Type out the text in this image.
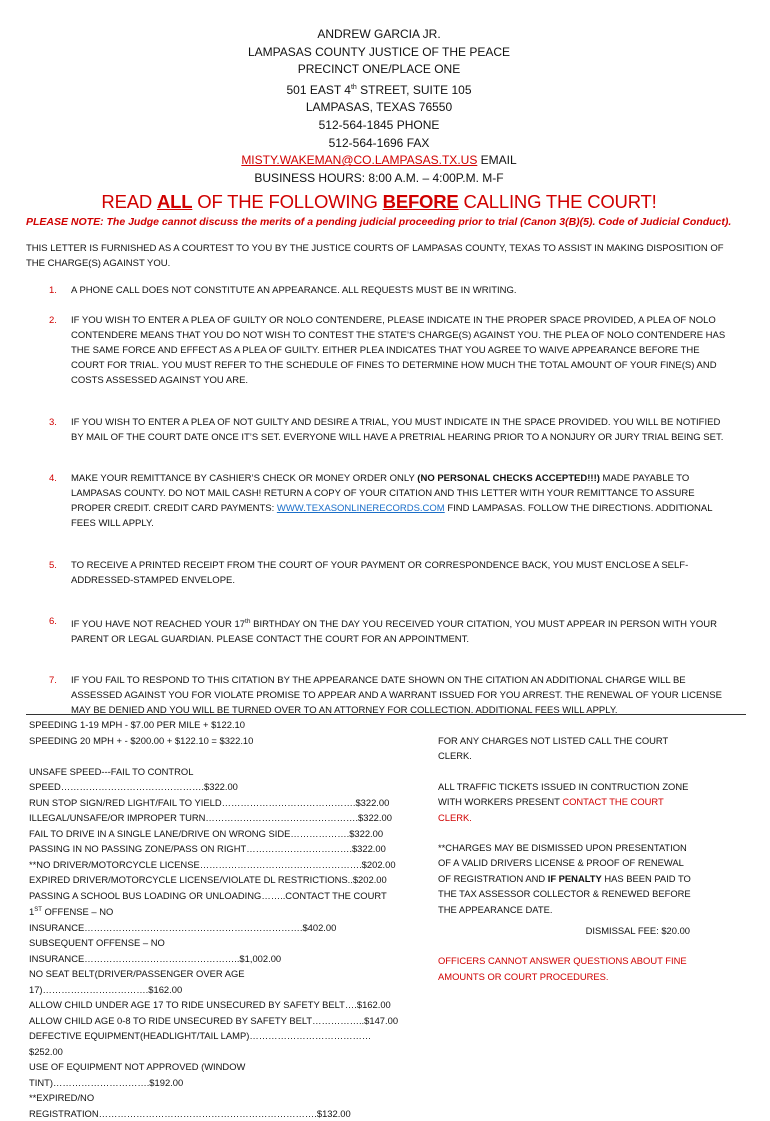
ANDREW GARCIA JR.
LAMPASAS COUNTY JUSTICE OF THE PEACE
PRECINCT ONE/PLACE ONE
501 EAST 4th STREET, SUITE 105
LAMPASAS, TEXAS 76550
512-564-1845 PHONE
512-564-1696 FAX
MISTY.WAKEMAN@CO.LAMPASAS.TX.US EMAIL
BUSINESS HOURS: 8:00 A.M. – 4:00P.M. M-F
READ ALL OF THE FOLLOWING BEFORE CALLING THE COURT!
PLEASE NOTE: The Judge cannot discuss the merits of a pending judicial proceeding prior to trial (Canon 3(B)(5). Code of Judicial Conduct).
THIS LETTER IS FURNISHED AS A COURTEST TO YOU BY THE JUSTICE COURTS OF LAMPASAS COUNTY, TEXAS TO ASSIST IN MAKING DISPOSITION OF THE CHARGE(S) AGAINST YOU.
1. A PHONE CALL DOES NOT CONSTITUTE AN APPEARANCE. ALL REQUESTS MUST BE IN WRITING.
2. IF YOU WISH TO ENTER A PLEA OF GUILTY OR NOLO CONTENDERE, PLEASE INDICATE IN THE PROPER SPACE PROVIDED, A PLEA OF NOLO CONTENDERE MEANS THAT YOU DO NOT WISH TO CONTEST THE STATE’S CHARGE(S) AGAINST YOU. THE PLEA OF NOLO CONTENDERE HAS THE SAME FORCE AND EFFECT AS A PLEA OF GUILTY. EITHER PLEA INDICATES THAT YOU AGREE TO WAIVE APPEARANCE BEFORE THE COURT FOR TRIAL. YOU MUST REFER TO THE SCHEDULE OF FINES TO DETERMINE HOW MUCH THE TOTAL AMOUNT OF YOUR FINE(S) AND COSTS ASSESSED AGAINST YOU ARE.
3. IF YOU WISH TO ENTER A PLEA OF NOT GUILTY AND DESIRE A TRIAL, YOU MUST INDICATE IN THE SPACE PROVIDED. YOU WILL BE NOTIFIED BY MAIL OF THE COURT DATE ONCE IT’S SET. EVERYONE WILL HAVE A PRETRIAL HEARING PRIOR TO A NONJURY OR JURY TRIAL BEING SET.
4. MAKE YOUR REMITTANCE BY CASHIER’S CHECK OR MONEY ORDER ONLY (NO PERSONAL CHECKS ACCEPTED!!!) MADE PAYABLE TO LAMPASAS COUNTY. DO NOT MAIL CASH! RETURN A COPY OF YOUR CITATION AND THIS LETTER WITH YOUR REMITTANCE TO ASSURE PROPER CREDIT. CREDIT CARD PAYMENTS: WWW.TEXASONLINERECORDS.COM FIND LAMPASAS. FOLLOW THE DIRECTIONS. ADDITIONAL FEES WILL APPLY.
5. TO RECEIVE A PRINTED RECEIPT FROM THE COURT OF YOUR PAYMENT OR CORRESPONDENCE BACK, YOU MUST ENCLOSE A SELF-ADDRESSED-STAMPED ENVELOPE.
6. IF YOU HAVE NOT REACHED YOUR 17th BIRTHDAY ON THE DAY YOU RECEIVED YOUR CITATION, YOU MUST APPEAR IN PERSON WITH YOUR PARENT OR LEGAL GUARDIAN. PLEASE CONTACT THE COURT FOR AN APPOINTMENT.
7. IF YOU FAIL TO RESPOND TO THIS CITATION BY THE APPEARANCE DATE SHOWN ON THE CITATION AN ADDITIONAL CHARGE WILL BE ASSESSED AGAINST YOU FOR VIOLATE PROMISE TO APPEAR AND A WARRANT ISSUED FOR YOU ARREST. THE RENEWAL OF YOUR LICENSE MAY BE DENIED AND YOU WILL BE TURNED OVER TO AN ATTORNEY FOR COLLECTION. ADDITIONAL FEES WILL APPLY.
SPEEDING 1-19 MPH - $7.00 PER MILE + $122.10
SPEEDING 20 MPH + - $200.00 + $122.10 = $322.10
UNSAFE SPEED---FAIL TO CONTROL SPEED……………………………………….$322.00
RUN STOP SIGN/RED LIGHT/FAIL TO YIELD…………………………………….$322.00
ILLEGAL/UNSAFE/OR IMPROPER TURN………………………………………….$322.00
FAIL TO DRIVE IN A SINGLE LANE/DRIVE ON WRONG SIDE……………….$322.00
PASSING IN NO PASSING ZONE/PASS ON RIGHT…………………………….$322.00
**NO DRIVER/MOTORCYCLE LICENSE…………………………………………….$202.00
EXPIRED DRIVER/MOTORCYCLE LICENSE/VIOLATE DL RESTRICTIONS..$202.00
PASSING A SCHOOL BUS LOADING OR UNLOADING……..CONTACT THE COURT
1ST OFFENSE – NO INSURANCE…………………………………………………………….$402.00
SUBSEQUENT OFFENSE – NO INSURANCE…………………………………………..$1,002.00
NO SEAT BELT(DRIVER/PASSENGER OVER AGE 17)…………………………….$162.00
ALLOW CHILD UNDER AGE 17 TO RIDE UNSECURED BY SAFETY BELT….$162.00
ALLOW CHILD AGE 0-8 TO RIDE UNSECURED BY SAFETY BELT……………..$147.00
DEFECTIVE EQUIPMENT(HEADLIGHT/TAIL LAMP)…………………………………$252.00
USE OF EQUIPMENT NOT APPROVED (WINDOW TINT)………………………….$192.00
**EXPIRED/NO REGISTRATION…………………………………………………………….$132.00
FOR ANY CHARGES NOT LISTED CALL THE COURT CLERK.
ALL TRAFFIC TICKETS ISSUED IN CONTRUCTION ZONE WITH WORKERS PRESENT CONTACT THE COURT CLERK.
**CHARGES MAY BE DISMISSED UPON PRESENTATION OF A VALID DRIVERS LICENSE & PROOF OF RENEWAL OF REGISTRATION AND IF PENALTY HAS BEEN PAID TO THE TAX ASSESSOR COLLECTOR & RENEWED BEFORE THE APPEARANCE DATE.
DISMISSAL FEE: $20.00
OFFICERS CANNOT ANSWER QUESTIONS ABOUT FINE AMOUNTS OR COURT PROCEDURES.
